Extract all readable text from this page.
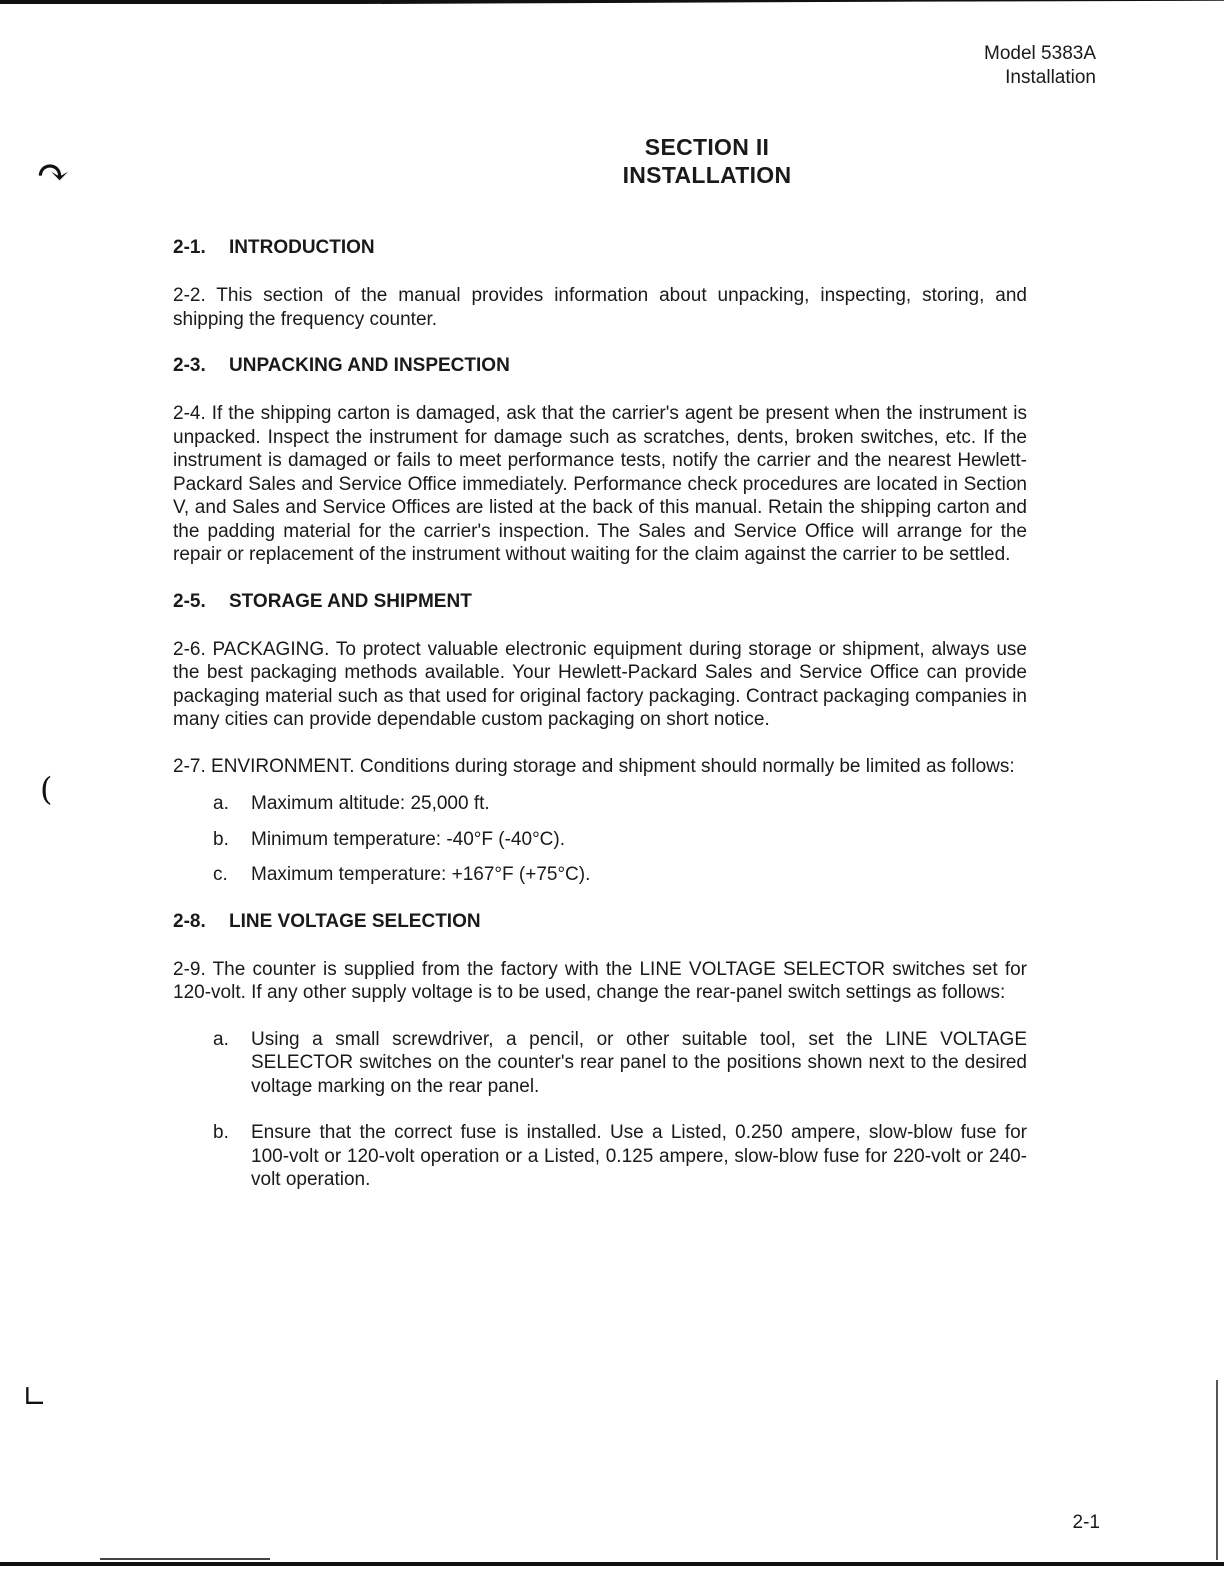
Model 5383A
Installation
SECTION II
INSTALLATION
↷
(
∟
2-1. INTRODUCTION

2-2. This section of the manual provides information about unpacking, inspecting, storing, and shipping the frequency counter.

2-3. UNPACKING AND INSPECTION

2-4. If the shipping carton is damaged, ask that the carrier's agent be present when the instrument is unpacked. Inspect the instrument for damage such as scratches, dents, broken switches, etc. If the instrument is damaged or fails to meet performance tests, notify the carrier and the nearest Hewlett-Packard Sales and Service Office immediately. Performance check procedures are located in Section V, and Sales and Service Offices are listed at the back of this manual. Retain the shipping carton and the padding material for the carrier's inspection. The Sales and Service Office will arrange for the repair or replacement of the instrument without waiting for the claim against the carrier to be settled.

2-5. STORAGE AND SHIPMENT

2-6. PACKAGING. To protect valuable electronic equipment during storage or shipment, always use the best packaging methods available. Your Hewlett-Packard Sales and Service Office can provide packaging material such as that used for original factory packaging. Contract packaging companies in many cities can provide dependable custom packaging on short notice.

2-7. ENVIRONMENT. Conditions during storage and shipment should normally be limited as follows:

a. Maximum altitude: 25,000 ft.
b. Minimum temperature: -40°F (-40°C).
c. Maximum temperature: +167°F (+75°C).
2-8. LINE VOLTAGE SELECTION

2-9. The counter is supplied from the factory with the LINE VOLTAGE SELECTOR switches set for 120-volt. If any other supply voltage is to be used, change the rear-panel switch settings as follows:

a. Using a small screwdriver, a pencil, or other suitable tool, set the LINE VOLTAGE SELECTOR switches on the counter's rear panel to the positions shown next to the desired voltage marking on the rear panel.
b. Ensure that the correct fuse is installed. Use a Listed, 0.250 ampere, slow-blow fuse for 100-volt or 120-volt operation or a Listed, 0.125 ampere, slow-blow fuse for 220-volt or 240-volt operation.
2-1
